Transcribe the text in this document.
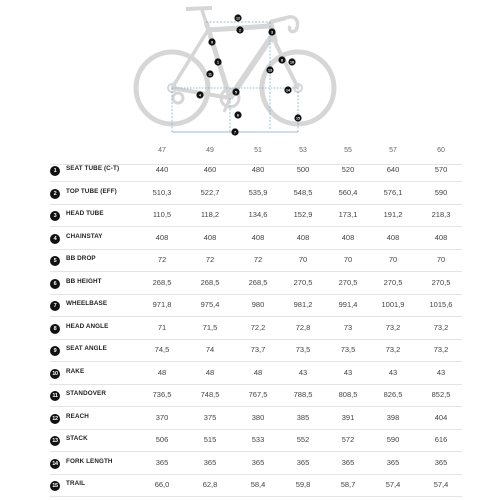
1
2	3
4
5
6
7
8
9
10
11
12
13
14
15
47	49	51	53	55	57	60
1	SEAT TUBE (C-T)	440	460	480	500	520	640	570
2	TOP TUBE (EFF)	510,3	522,7	535,9	548,5	560,4	576,1	590
3	HEAD TUBE	110,5	118,2	134,6	152,9	173,1	191,2	218,3
4	CHAINSTAY	408	408	408	408	408	408	408
5	BB DROP	72	72	72	70	70	70	70
6	BB HEIGHT	268,5	268,5	268,5	270,5	270,5	270,5	270,5
7	WHEELBASE	971,8	975,4	980	981,2	991,4	1001,9	1015,6
8	HEAD ANGLE	71	71,5	72,2	72,8	73	73,2	73,2
9	SEAT ANGLE	74,5	74	73,7	73,5	73,5	73,2	73,2
10	RAKE	48	48	48	43	43	43	43
11	STANDOVER	736,5	748,5	767,5	788,5	808,5	826,5	852,5
12	REACH	370	375	380	385	391	398	404
13	STACK	506	515	533	552	572	590	616
14	FORK LENGTH	365	365	365	365	365	365	365
15	TRAIL	66,0	62,8	58,4	59,8	58,7	57,4	57,4
